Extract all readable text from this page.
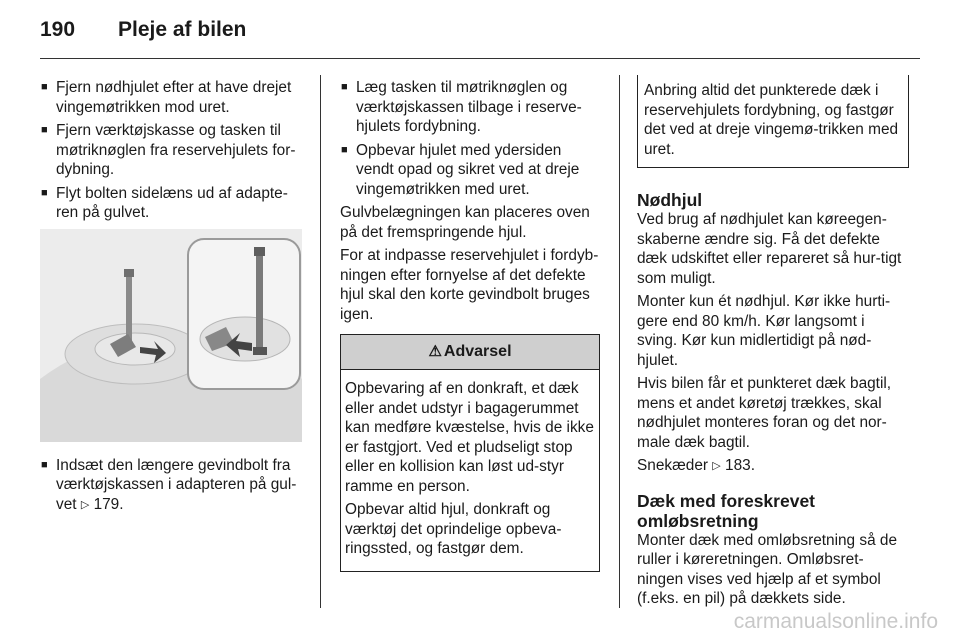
190 Pleje af bilen
■ Fjern nødhjulet efter at have drejet vingemøtrikken mod uret.
■ Fjern værktøjskasse og tasken til møtriknøglen fra reservehjulets for-dybning.
■ Flyt bolten sidelæns ud af adapte-ren på gulvet.
■ Indsæt den længere gevindbolt fra værktøjskassen i adapteren på gul-vet ▷ 179.
■ Læg tasken til møtriknøglen og værktøjskassen tilbage i reserve-hjulets fordybning.
■ Opbevar hjulet med ydersiden vendt opad og sikret ved at dreje vingemøtrikken med uret.

Gulvbelægningen kan placeres oven på det fremspringende hjul.

For at indpasse reservehjulet i fordyb-ningen efter fornyelse af det defekte hjul skal den korte gevindbolt bruges igen.

⚠ Advarsel

Opbevaring af en donkraft, et dæk eller andet udstyr i bagagerummet kan medføre kvæstelse, hvis de ikke er fastgjort. Ved et pludseligt stop eller en kollision kan løst ud-styr ramme en person.

Opbevar altid hjul, donkraft og værktøj det oprindelige opbeva-ringssted, og fastgør dem.

Anbring altid det punkterede dæk i reservehjulets fordybning, og fastgør det ved at dreje vingemø-trikken med uret.

Nødhjul

Ved brug af nødhjulet kan køreegen-skaberne ændre sig. Få det defekte dæk udskiftet eller repareret så hur-tigt som muligt.

Monter kun ét nødhjul. Kør ikke hurti-gere end 80 km/h. Kør langsomt i sving. Kør kun midlertidigt på nød-hjulet.

Hvis bilen får et punkteret dæk bagtil, mens et andet køretøj trækkes, skal nødhjulet monteres foran og det nor-male dæk bagtil.

Snekæder ▷ 183.

Dæk med foreskrevet
omløbsretning

Monter dæk med omløbsretning så de ruller i køreretningen. Omløbsret-ningen vises ved hjælp af et symbol (f.eks. en pil) på dækkets side.

carmanualsonline.info
